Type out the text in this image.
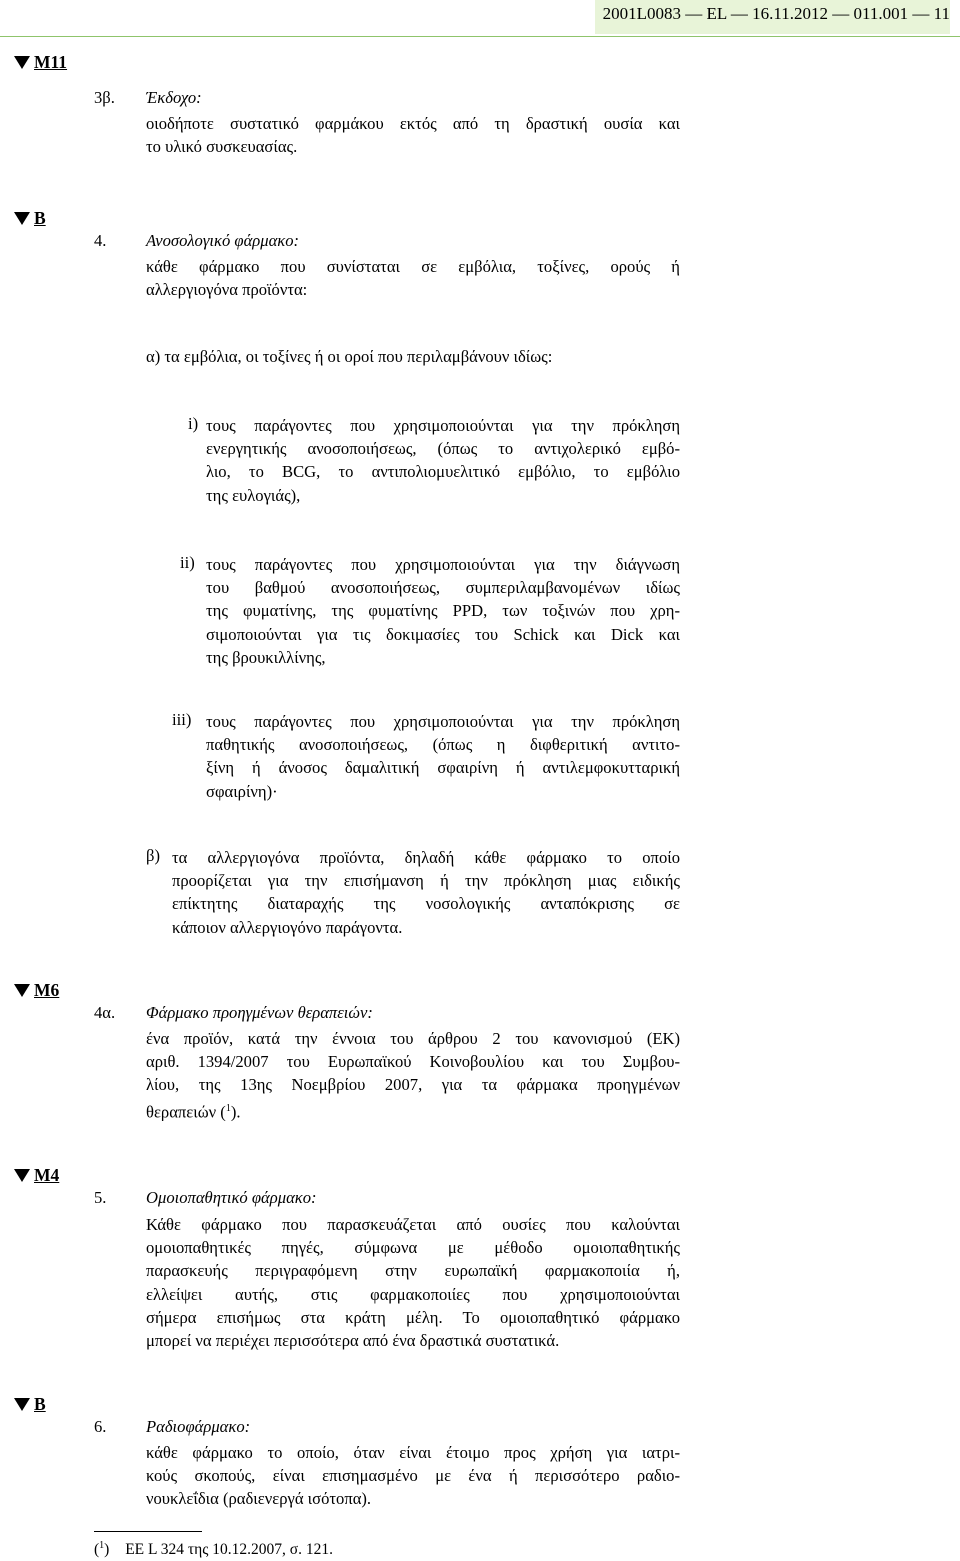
2001L0083 — EL — 16.11.2012 — 011.001 — 11
M11
3β. Έκδοχο:
οιοδήποτε συστατικό φαρμάκου εκτός από τη δραστική ουσία και
το υλικό συσκευασίας.
B
4. Ανοσολογικό φάρμακο:
κάθε φάρμακο που συνίσταται σε εμβόλια, τοξίνες, ορούς ή
αλλεργιογόνα προϊόντα:
α) τα εμβόλια, οι τοξίνες ή οι οροί που περιλαμβάνουν ιδίως:
i) τους παράγοντες που χρησιμοποιούνται για την πρόκληση
ενεργητικής ανοσοποιήσεως, (όπως το αντιχολερικό εμβό-
λιο, το BCG, το αντιπολιομυελιτικό εμβόλιο, το εμβόλιο
της ευλογιάς),
ii) τους παράγοντες που χρησιμοποιούνται για την διάγνωση
του βαθμού ανοσοποιήσεως, συμπεριλαμβανομένων ιδίως
της φυματίνης, της φυματίνης PPD, των τοξινών που χρη-
σιμοποιούνται για τις δοκιμασίες του Schick και Dick και
της βρουκιλλίνης,
iii) τους παράγοντες που χρησιμοποιούνται για την πρόκληση
παθητικής ανοσοποιήσεως, (όπως η διφθεριτική αντιτο-
ξίνη ή άνοσος δαμαλιτική σφαιρίνη ή αντιλεμφοκυτταρική
σφαιρίνη)·
β) τα αλλεργιογόνα προϊόντα, δηλαδή κάθε φάρμακο το οποίο
προορίζεται για την επισήμανση ή την πρόκληση μιας ειδικής
επίκτητης διαταραχής της νοσολογικής ανταπόκρισης σε
κάποιον αλλεργιογόνο παράγοντα.
M6
4α. Φάρμακο προηγμένων θεραπειών:
ένα προϊόν, κατά την έννοια του άρθρου 2 του κανονισμού (ΕΚ)
αριθ. 1394/2007 του Ευρωπαϊκού Κοινοβουλίου και του Συμβου-
λίου, της 13ης Νοεμβρίου 2007, για τα φάρμακα προηγμένων
θεραπειών ($^1$).
M4
5. Ομοιοπαθητικό φάρμακο:
Κάθε φάρμακο που παρασκευάζεται από ουσίες που καλούνται
ομοιοπαθητικές πηγές, σύμφωνα με μέθοδο ομοιοπαθητικής
παρασκευής περιγραφόμενη στην ευρωπαϊκή φαρμακοποιία ή,
ελλείψει αυτής, στις φαρμακοποιίες που χρησιμοποιούνται
σήμερα επισήμως στα κράτη μέλη. Το ομοιοπαθητικό φάρμακο
μπορεί να περιέχει περισσότερα από ένα δραστικά συστατικά.
B
6. Ραδιοφάρμακο:
κάθε φάρμακο το οποίο, όταν είναι έτοιμο προς χρήση για ιατρι-
κούς σκοπούς, είναι επισημασμένο με ένα ή περισσότερο ραδιο-
νουκλεΐδια (ραδιενεργά ισότοπα).
($^1$) ΕΕ L 324 της 10.12.2007, σ. 121.
